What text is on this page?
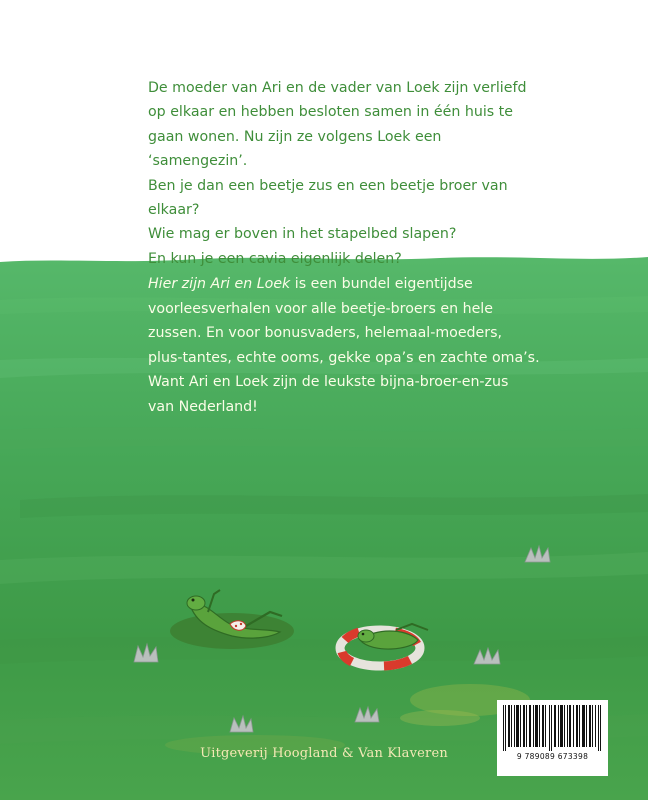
De moeder van Ari en de vader van Loek zijn verliefd

op elkaar en hebben besloten samen in één huis te

gaan wonen. Nu zijn ze volgens Loek een ‘samengezin’.

Ben je dan een beetje zus en een beetje broer van

elkaar?

Wie mag er boven in het stapelbed slapen?

En kun je een cavia eigenlijk delen?

Hier zijn Ari en Loek is een bundel eigentijdse

voorleesverhalen voor alle beetje-broers en hele

zussen. En voor bonusvaders, helemaal-moeders,

plus-tantes, echte ooms, gekke opa’s en zachte oma’s.

Want Ari en Loek zijn de leukste bijna-broer-en-zus

van Nederland!

Uitgeverij Hoogland & Van Klaveren	9 789089 673398
